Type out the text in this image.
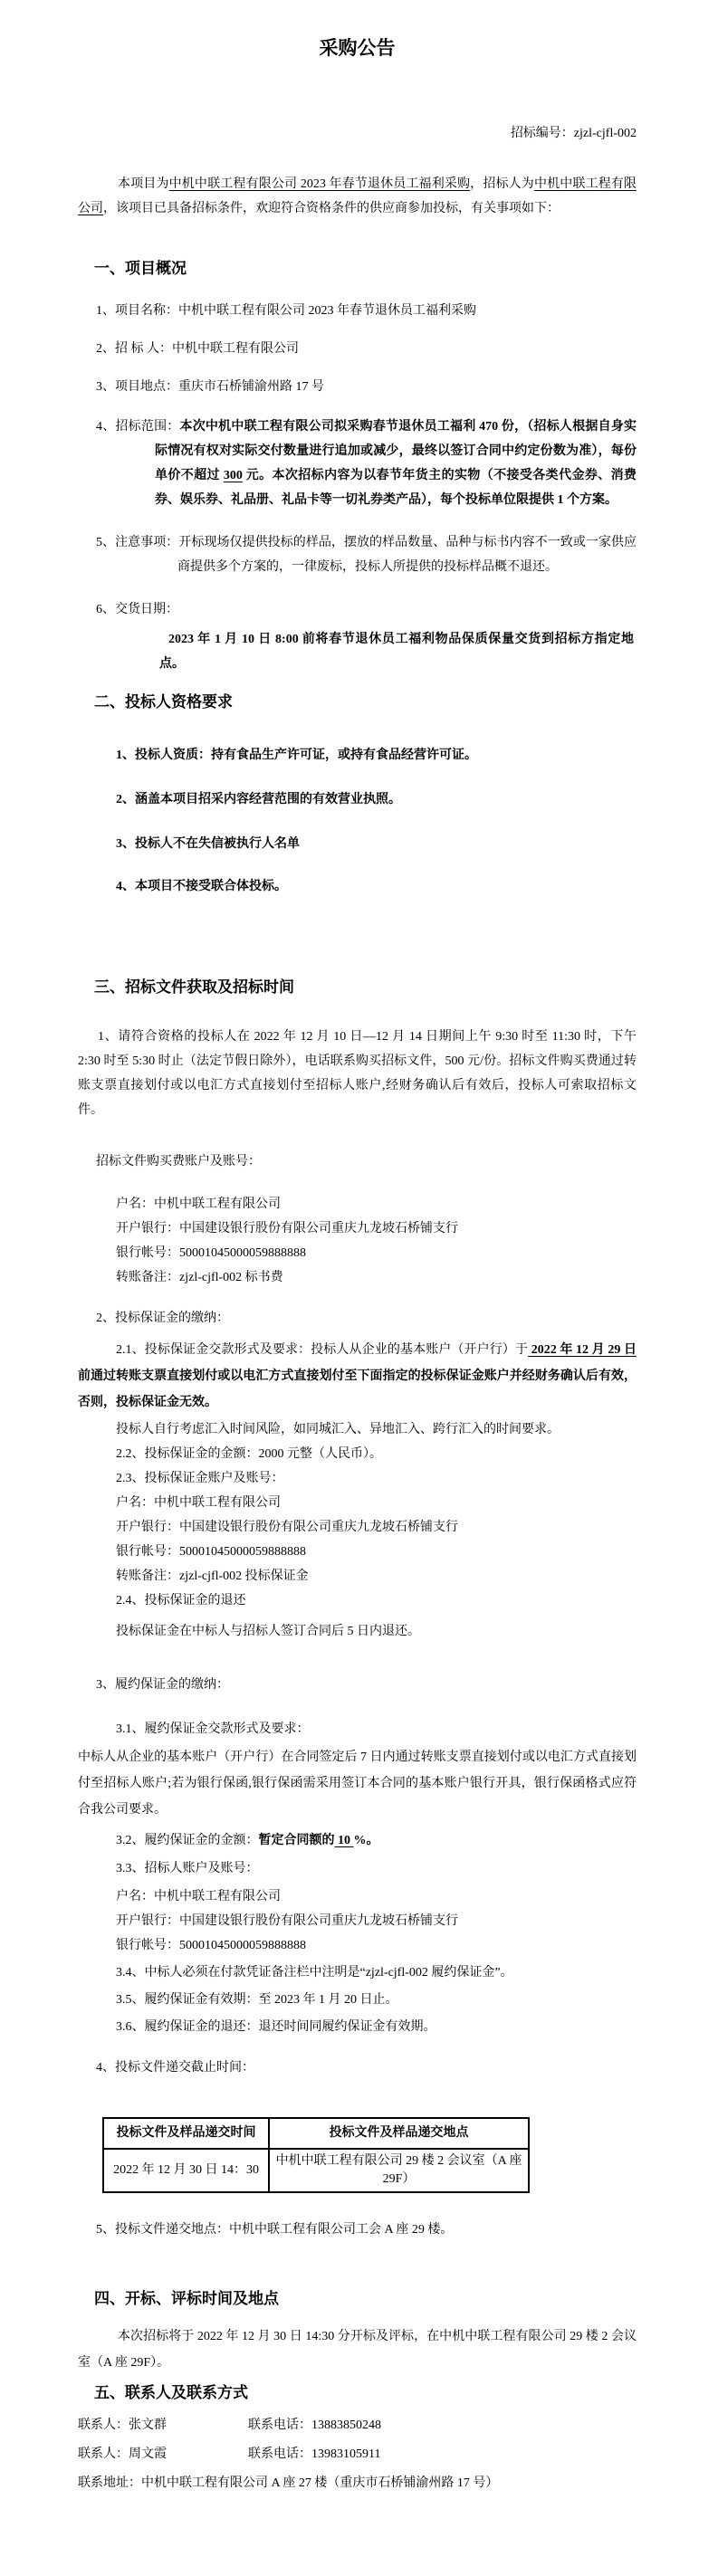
采购公告
招标编号：zjzl-cjfl-002
本项目为中机中联工程有限公司 2023 年春节退休员工福利采购，招标人为中机中联工程有限公司，该项目已具备招标条件，欢迎符合资格条件的供应商参加投标，有关事项如下：
一、项目概况
1、项目名称：中机中联工程有限公司 2023 年春节退休员工福利采购
2、招 标 人：中机中联工程有限公司
3、项目地点：重庆市石桥铺渝州路 17 号
4、招标范围：本次中机中联工程有限公司拟采购春节退休员工福利 470 份，（招标人根据自身实际情况有权对实际交付数量进行追加或减少，最终以签订合同中约定份数为准），每份单价不超过 300 元。本次招标内容为以春节年货主的实物（不接受各类代金券、消费券、娱乐券、礼品册、礼品卡等一切礼券类产品），每个投标单位限提供 1 个方案。
5、注意事项：开标现场仅提供投标的样品，摆放的样品数量、品种与标书内容不一致或一家供应商提供多个方案的，一律废标，投标人所提供的投标样品概不退还。
6、交货日期：
2023 年 1 月 10 日 8:00 前将春节退休员工福利物品保质保量交货到招标方指定地点。
二、投标人资格要求
1、投标人资质：持有食品生产许可证，或持有食品经营许可证。
2、涵盖本项目招采内容经营范围的有效营业执照。
3、投标人不在失信被执行人名单
4、本项目不接受联合体投标。
三、招标文件获取及招标时间
1、请符合资格的投标人在 2022 年 12 月 10 日—12 月 14 日期间上午 9:30 时至 11:30 时，下午 2:30 时至 5:30 时止（法定节假日除外），电话联系购买招标文件，500 元/份。招标文件购买费通过转账支票直接划付或以电汇方式直接划付至招标人账户,经财务确认后有效后，投标人可索取招标文件。
招标文件购买费账户及账号：
户名：中机中联工程有限公司
开户银行：中国建设银行股份有限公司重庆九龙坡石桥铺支行
银行帐号：50001045000059888888
转账备注：zjzl-cjfl-002 标书费
2、投标保证金的缴纳：
2.1、投标保证金交款形式及要求：投标人从企业的基本账户（开户行）于 2022 年 12 月 29 日前通过转账支票直接划付或以电汇方式直接划付至下面指定的投标保证金账户并经财务确认后有效，否则，投标保证金无效。
投标人自行考虑汇入时间风险，如同城汇入、异地汇入、跨行汇入的时间要求。
2.2、投标保证金的金额：2000 元整（人民币）。
2.3、投标保证金账户及账号：
户名：中机中联工程有限公司
开户银行：中国建设银行股份有限公司重庆九龙坡石桥铺支行
银行帐号：50001045000059888888
转账备注：zjzl-cjfl-002 投标保证金
2.4、投标保证金的退还
投标保证金在中标人与招标人签订合同后 5 日内退还。
3、履约保证金的缴纳：
3.1、履约保证金交款形式及要求：
中标人从企业的基本账户（开户行）在合同签定后 7 日内通过转账支票直接划付或以电汇方式直接划付至招标人账户;若为银行保函,银行保函需采用签订本合同的基本账户银行开具，银行保函格式应符合我公司要求。
3.2、履约保证金的金额：暂定合同额的 10 %。
3.3、招标人账户及账号：
户名：中机中联工程有限公司
开户银行：中国建设银行股份有限公司重庆九龙坡石桥铺支行
银行帐号：50001045000059888888
3.4、中标人必须在付款凭证备注栏中注明是“zjzl-cjfl-002 履约保证金”。
3.5、履约保证金有效期：至 2023 年 1 月 20 日止。
3.6、履约保证金的退还：退还时间同履约保证金有效期。
4、投标文件递交截止时间：
投标文件及样品递交时间	投标文件及样品递交地点
2022 年 12 月 30 日 14：30	中机中联工程有限公司 29 楼 2 会议室（A 座 29F）
5、投标文件递交地点：中机中联工程有限公司工会 A 座 29 楼。
四、开标、评标时间及地点
本次招标将于 2022 年 12 月 30 日 14:30 分开标及评标，在中机中联工程有限公司 29 楼 2 会议室（A 座 29F）。
五、联系人及联系方式
联系人：张文群	联系电话：13883850248
联系人：周文霞	联系电话：13983105911
联系地址：中机中联工程有限公司 A 座 27 楼（重庆市石桥铺渝州路 17 号）
